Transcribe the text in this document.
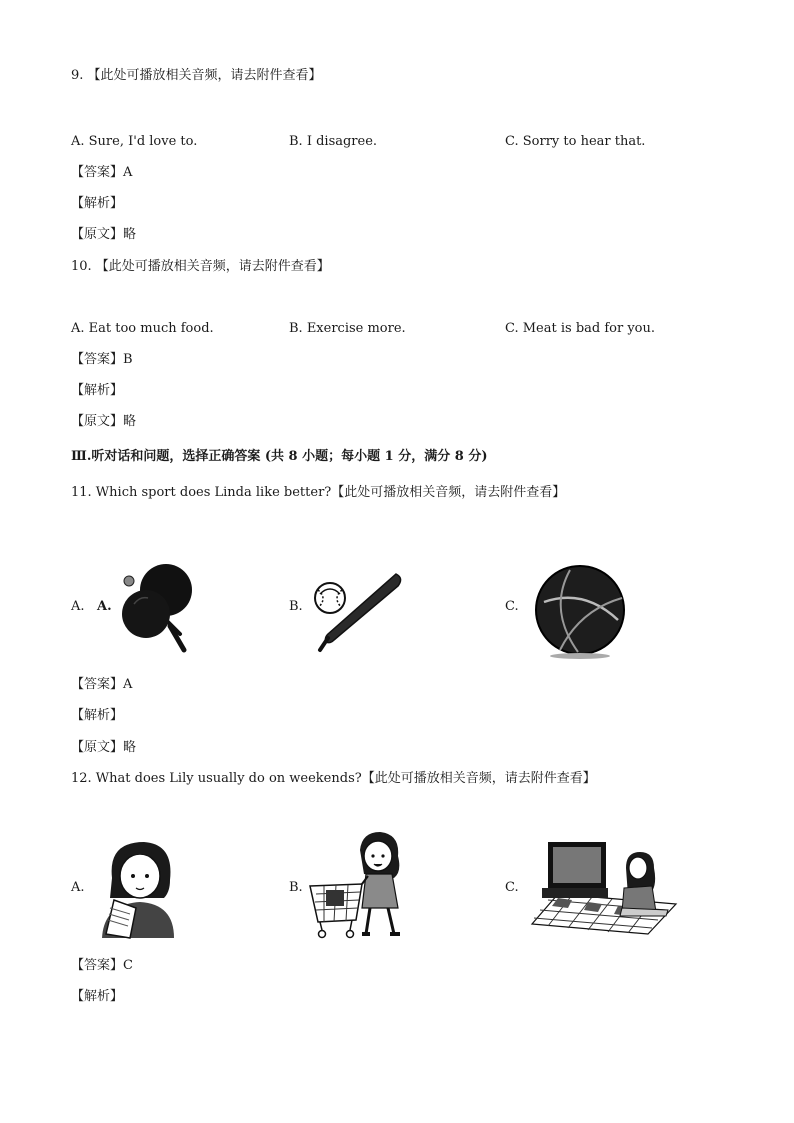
9. 【此处可播放相关音频，请去附件查看】
A. Sure, I'd love to.	B. I disagree.	C. Sorry to hear that.
【答案】A
【解析】
【原文】略
10. 【此处可播放相关音频，请去附件查看】
A. Eat too much food.	B. Exercise more.	C. Meat is bad for you.
【答案】B
【解析】
【原文】略
Ⅲ.听对话和问题，选择正确答案 (共 8 小题；每小题 1 分，满分 8 分)
11. Which sport does Linda like better?【此处可播放相关音频，请去附件查看】
A. A.	B.	C.
【答案】A
【解析】
【原文】略
12. What does Lily usually do on weekends?【此处可播放相关音频，请去附件查看】
A.	B.	C.
【答案】C
【解析】
